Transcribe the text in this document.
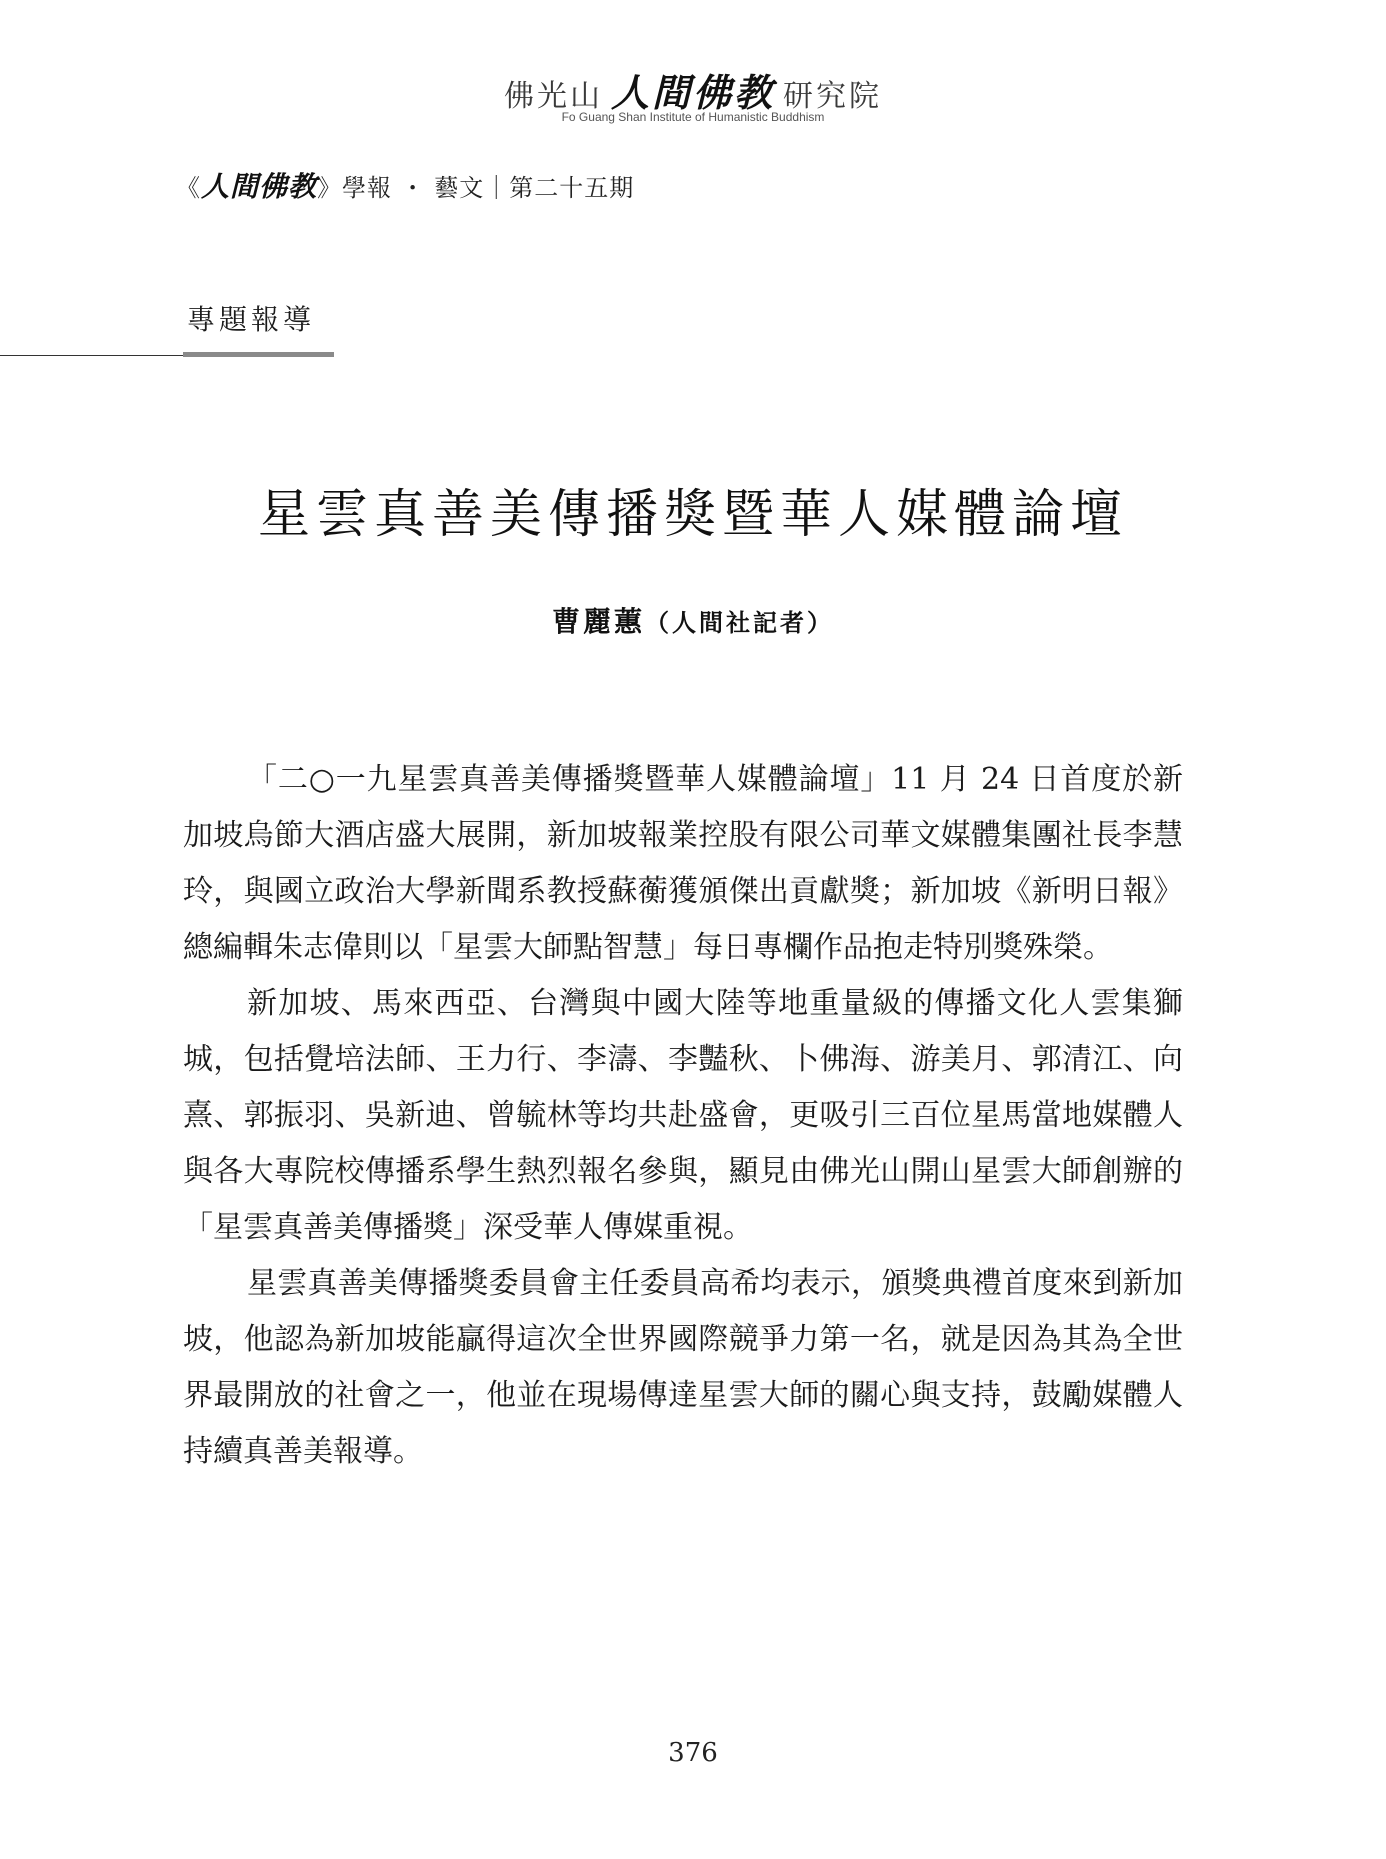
佛光山 人間佛教 研究院
Fo Guang Shan Institute of Humanistic Buddhism
《人間佛教》學報 ・ 藝文｜第二十五期
專題報導
星雲真善美傳播獎暨華人媒體論壇
曹麗蕙（人間社記者）

「二○一九星雲真善美傳播獎暨華人媒體論壇」11 月 24 日首度於新加坡烏節大酒店盛大展開，新加坡報業控股有限公司華文媒體集團社長李慧玲，與國立政治大學新聞系教授蘇蘅獲頒傑出貢獻獎；新加坡《新明日報》總編輯朱志偉則以「星雲大師點智慧」每日專欄作品抱走特別獎殊榮。

新加坡、馬來西亞、台灣與中國大陸等地重量級的傳播文化人雲集獅城，包括覺培法師、王力行、李濤、李豔秋、卜佛海、游美月、郭清江、向熹、郭振羽、吳新迪、曾毓林等均共赴盛會，更吸引三百位星馬當地媒體人與各大專院校傳播系學生熱烈報名參與，顯見由佛光山開山星雲大師創辦的「星雲真善美傳播獎」深受華人傳媒重視。

星雲真善美傳播獎委員會主任委員高希均表示，頒獎典禮首度來到新加坡，他認為新加坡能贏得這次全世界國際競爭力第一名，就是因為其為全世界最開放的社會之一，他並在現場傳達星雲大師的關心與支持，鼓勵媒體人持續真善美報導。

376
